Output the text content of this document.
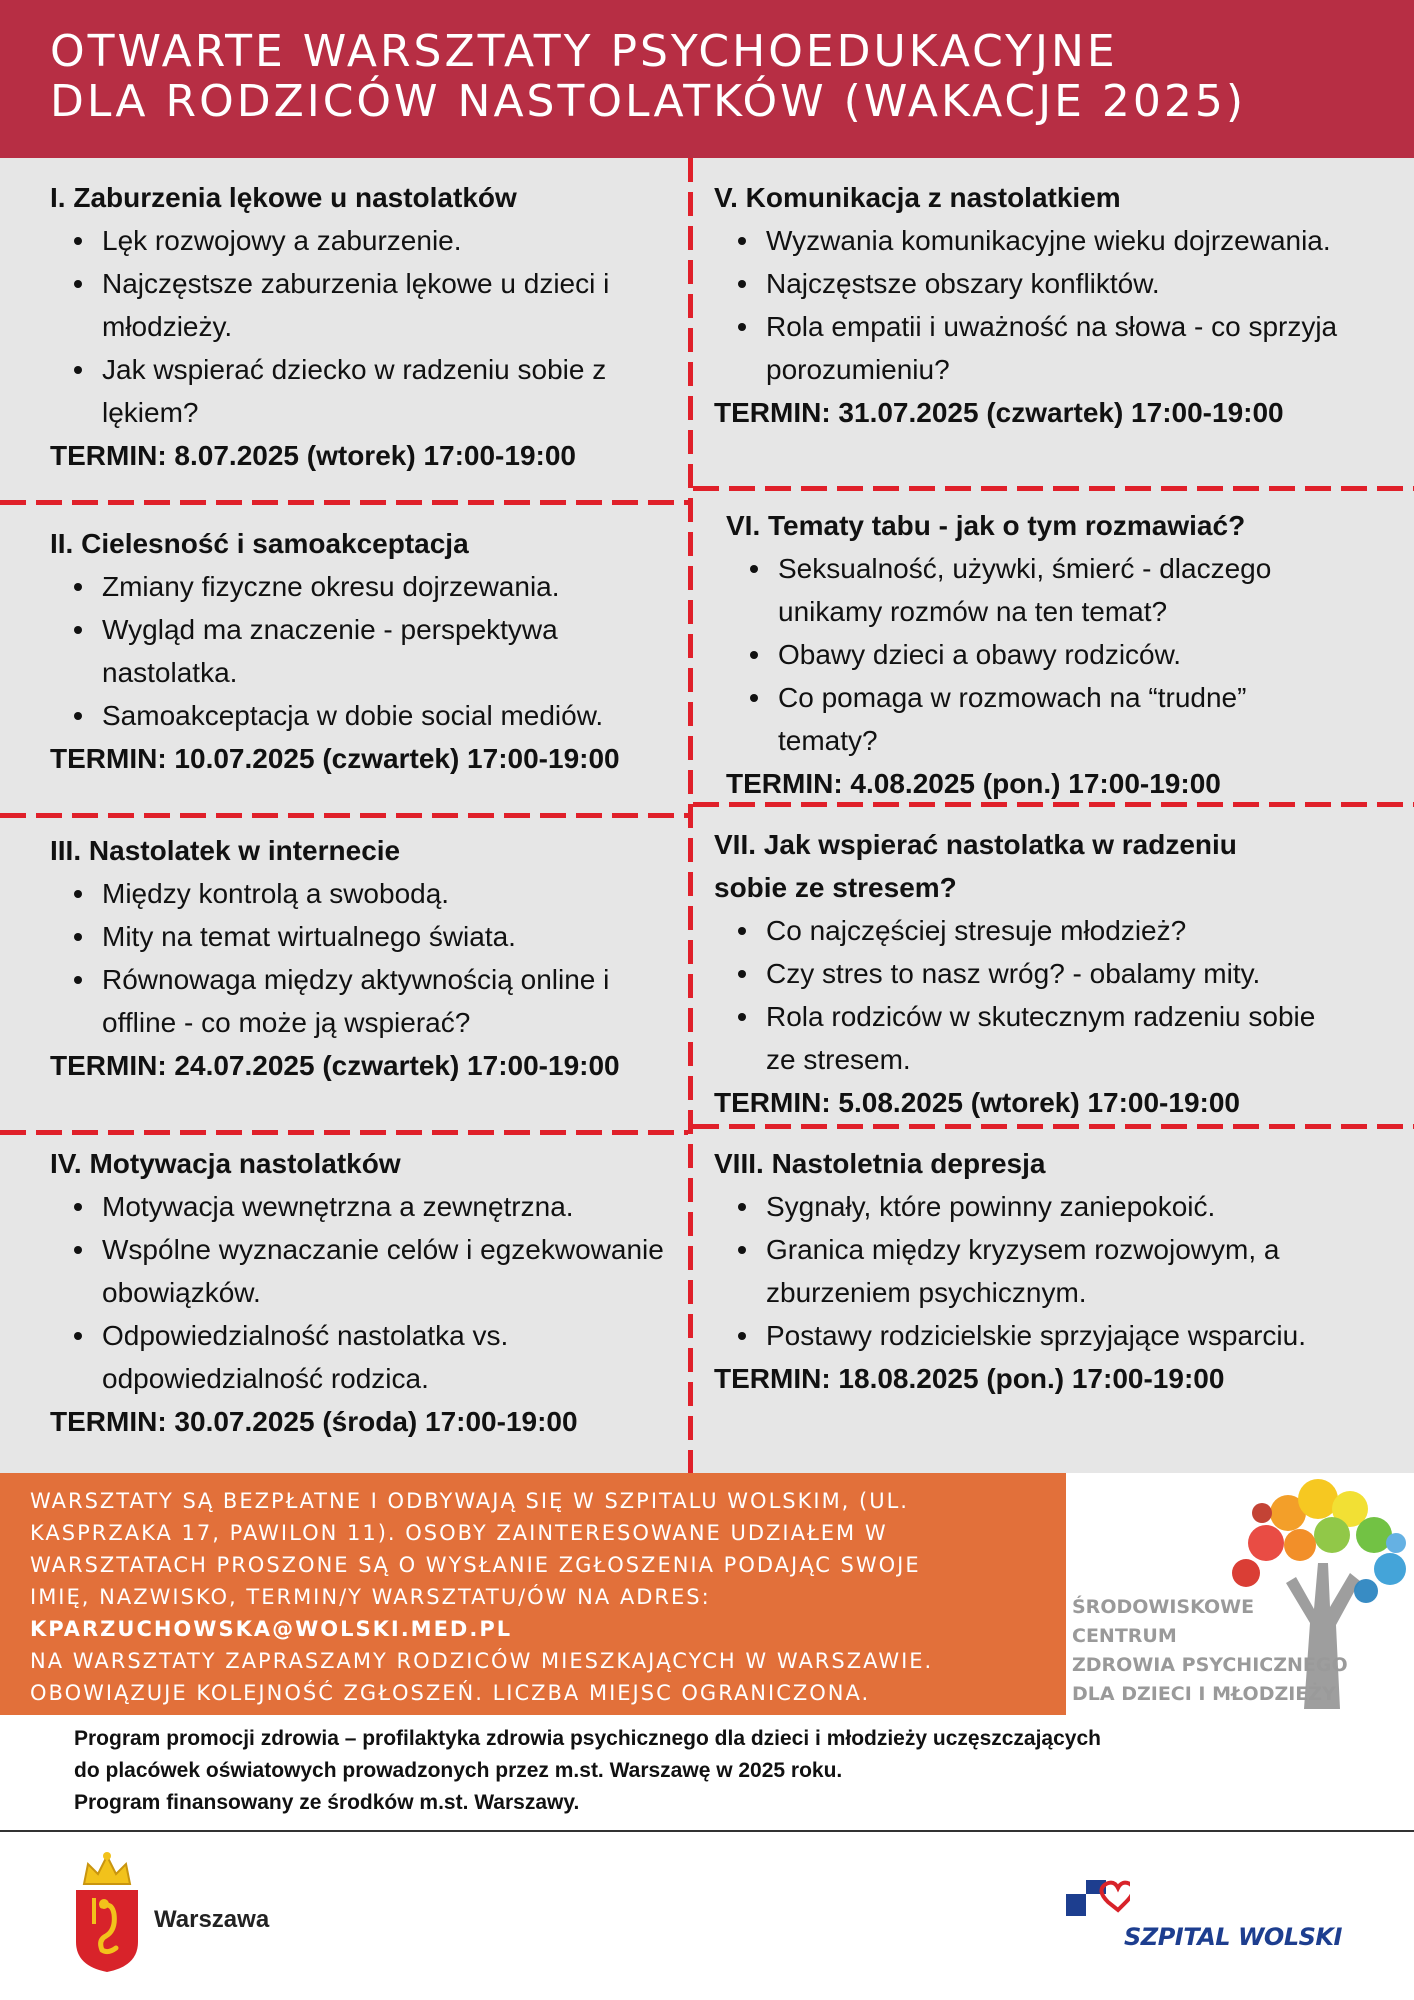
OTWARTE WARSZTATY PSYCHOEDUKACYJNE
DLA RODZICÓW NASTOLATKÓW (WAKACJE 2025)
I. Zaburzenia lękowe u nastolatków
Lęk rozwojowy a zaburzenie.
Najczęstsze zaburzenia lękowe u dzieci i młodzieży.
Jak wspierać dziecko w radzeniu sobie z lękiem?
TERMIN: 8.07.2025 (wtorek) 17:00-19:00
II. Cielesność i samoakceptacja
Zmiany fizyczne okresu dojrzewania.
Wygląd ma znaczenie - perspektywa nastolatka.
Samoakceptacja w dobie social mediów.
TERMIN: 10.07.2025 (czwartek) 17:00-19:00
III. Nastolatek w internecie
Między kontrolą a swobodą.
Mity na temat wirtualnego świata.
Równowaga między aktywnością online i offline - co może ją wspierać?
TERMIN: 24.07.2025 (czwartek) 17:00-19:00
IV. Motywacja nastolatków
Motywacja wewnętrzna a zewnętrzna.
Wspólne wyznaczanie celów i egzekwowanie obowiązków.
Odpowiedzialność nastolatka vs. odpowiedzialność rodzica.
TERMIN: 30.07.2025 (środa) 17:00-19:00
V. Komunikacja z nastolatkiem
Wyzwania komunikacyjne wieku dojrzewania.
Najczęstsze obszary konfliktów.
Rola empatii i uważność na słowa - co sprzyja porozumieniu?
TERMIN: 31.07.2025 (czwartek) 17:00-19:00
VI. Tematy tabu - jak o tym rozmawiać?
Seksualność, używki, śmierć - dlaczego unikamy rozmów na ten temat?
Obawy dzieci a obawy rodziców.
Co pomaga w rozmowach na “trudne” tematy?
TERMIN: 4.08.2025 (pon.) 17:00-19:00
VII. Jak wspierać nastolatka w radzeniu sobie ze stresem?
Co najczęściej stresuje młodzież?
Czy stres to nasz wróg? - obalamy mity.
Rola rodziców w skutecznym radzeniu sobie ze stresem.
TERMIN: 5.08.2025 (wtorek) 17:00-19:00
VIII. Nastoletnia depresja
Sygnały, które powinny zaniepokoić.
Granica między kryzysem rozwojowym, a zburzeniem psychicznym.
Postawy rodzicielskie sprzyjające wsparciu.
TERMIN: 18.08.2025 (pon.) 17:00-19:00
WARSZTATY SĄ BEZPŁATNE I ODBYWAJĄ SIĘ W SZPITALU WOLSKIM, (UL.
KASPRZAKA 17, PAWILON 11). OSOBY ZAINTERESOWANE UDZIAŁEM W
WARSZTATACH PROSZONE SĄ O WYSŁANIE ZGŁOSZENIA PODAJĄC SWOJE
IMIĘ, NAZWISKO, TERMIN/Y WARSZTATU/ÓW NA ADRES:
KPARZUCHOWSKA@WOLSKI.MED.PL
NA WARSZTATY ZAPRASZAMY RODZICÓW MIESZKAJĄCYCH W WARSZAWIE.
OBOWIĄZUJE KOLEJNOŚĆ ZGŁOSZEŃ. LICZBA MIEJSC OGRANICZONA.
ŚRODOWISKOWE
CENTRUM
ZDROWIA PSYCHICZNEGO
DLA DZIECI I MŁODZIEŻY
Program promocji zdrowia – profilaktyka zdrowia psychicznego dla dzieci i młodzieży uczęszczających
do placówek oświatowych prowadzonych przez m.st. Warszawę w 2025 roku.
Program finansowany ze środków m.st. Warszawy.
Warszawa
SZPITAL WOLSKI
